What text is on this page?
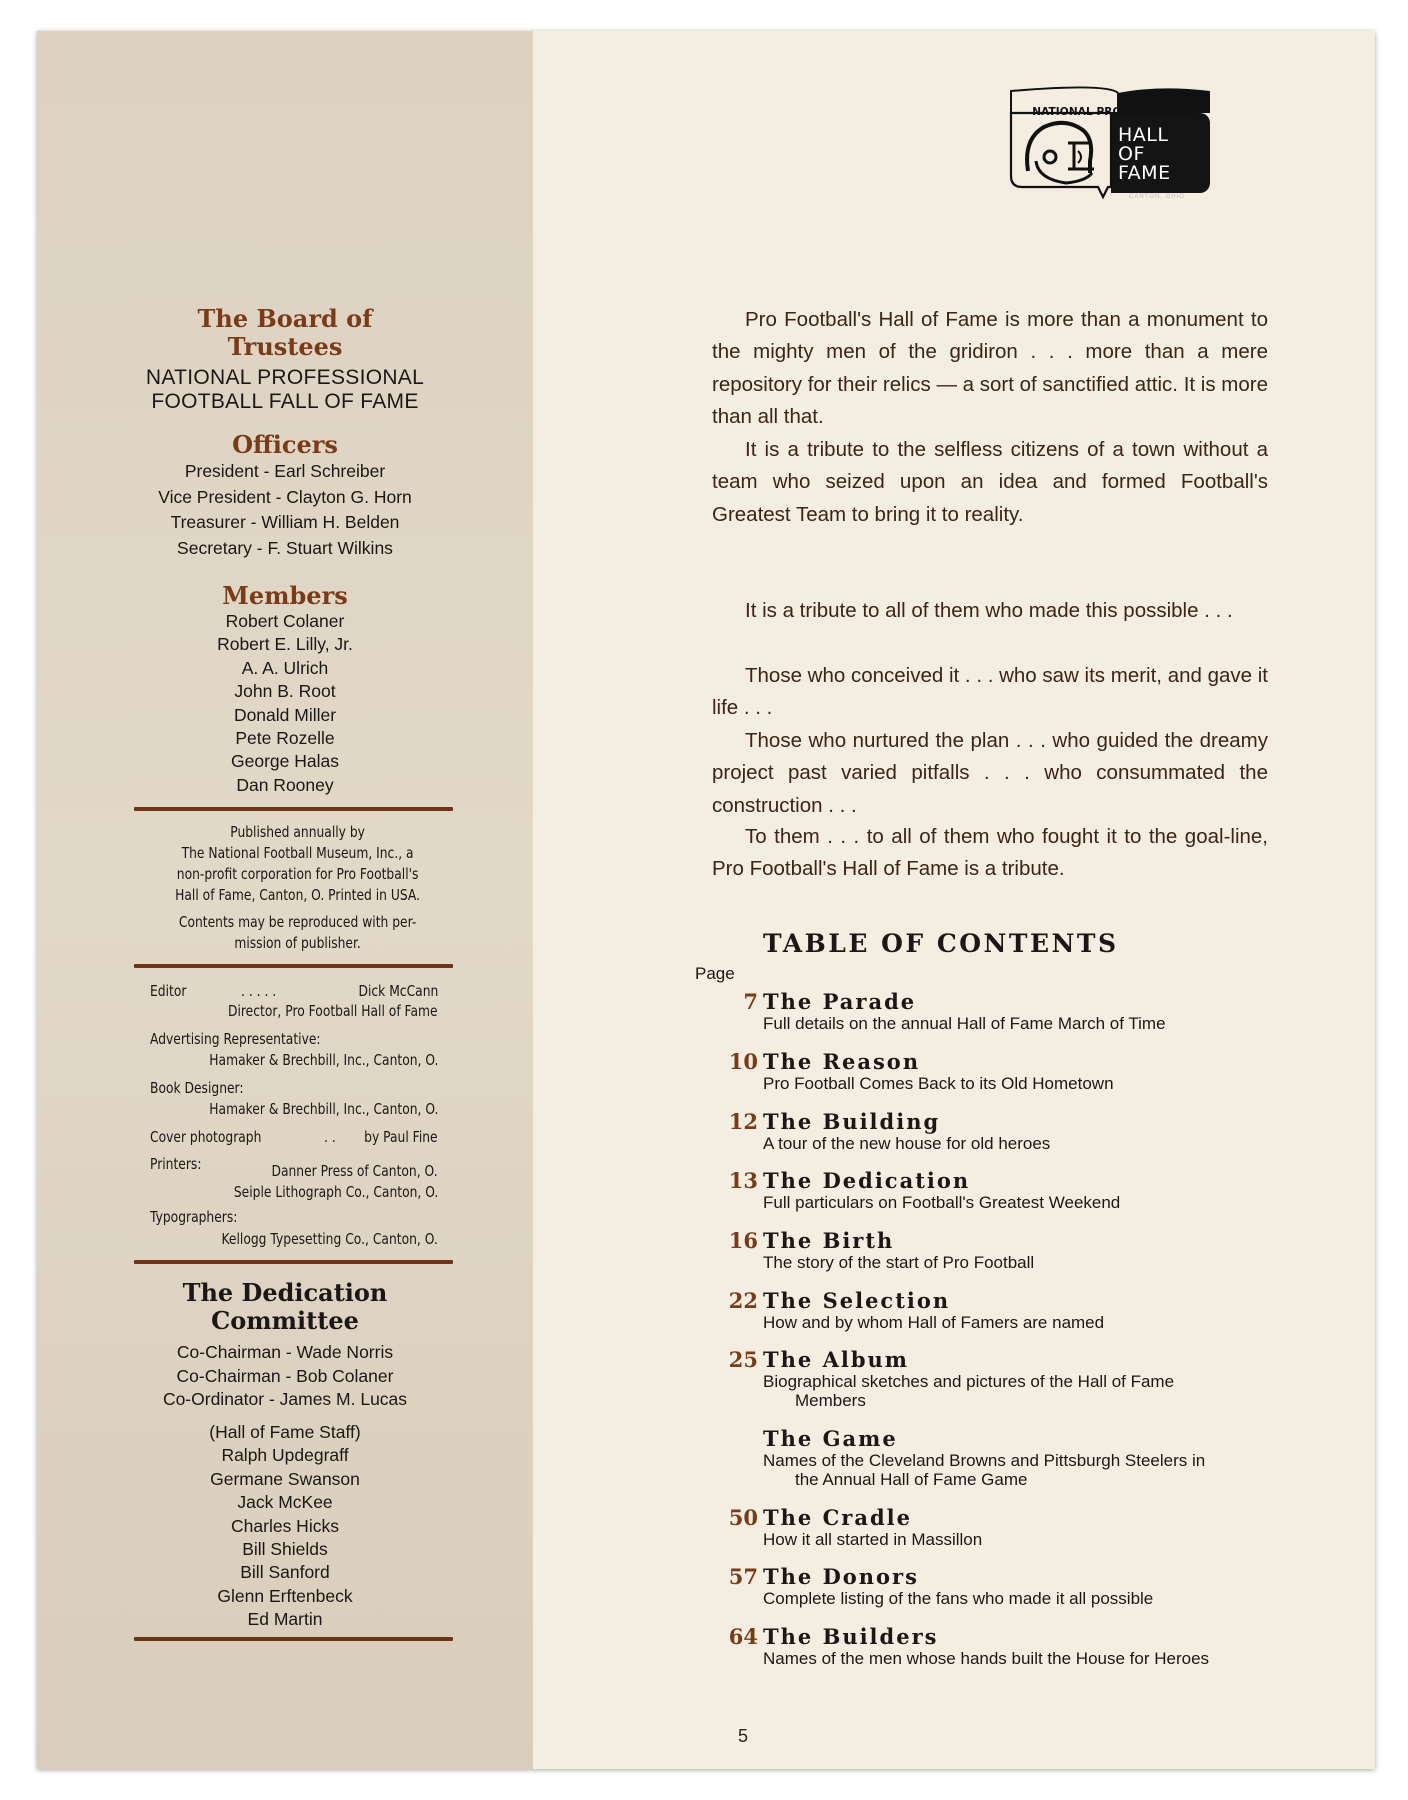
The Board of
Trustees
NATIONAL PROFESSIONAL
FOOTBALL FALL OF FAME
Officers
President - Earl Schreiber
Vice President - Clayton G. Horn
Treasurer - William H. Belden
Secretary - F. Stuart Wilkins
Members
Robert Colaner
Robert E. Lilly, Jr.
A. A. Ulrich
John B. Root
Donald Miller
Pete Rozelle
George Halas
Dan Rooney
Published annually by
The National Football Museum, Inc., a
non-profit corporation for Pro Football's
Hall of Fame, Canton, O. Printed in USA.
Contents may be reproduced with per-
mission of publisher.
Editor	. . . . .	Dick McCann
Director, Pro Football Hall of Fame
Advertising Representative:
Hamaker & Brechbill, Inc., Canton, O.
Book Designer:
Hamaker & Brechbill, Inc., Canton, O.
Cover photograph	. . by Paul Fine
Printers:	Danner Press of Canton, O.
Seiple Lithograph Co., Canton, O.
Typographers:
Kellogg Typesetting Co., Canton, O.
The Dedication
Committee
Co-Chairman - Wade Norris
Co-Chairman - Bob Colaner
Co-Ordinator - James M. Lucas
(Hall of Fame Staff)
Ralph Updegraff
Germane Swanson
Jack McKee
Charles Hicks
Bill Shields
Bill Sanford
Glenn Erftenbeck
Ed Martin
NATIONAL PRO FOOTBALL
HALL
OF
FAME
CANTON, OHIO
Pro Football's Hall of Fame is more than a monument to the mighty men of the gridiron . . . more than a mere repository for their relics — a sort of sanctified attic. It is more than all that.
It is a tribute to the selfless citizens of a town without a team who seized upon an idea and formed Football's Greatest Team to bring it to reality.
It is a tribute to all of them who made this possible . . .
Those who conceived it . . . who saw its merit, and gave it life . . .
Those who nurtured the plan . . . who guided the dreamy project past varied pitfalls . . . who consummated the construction . . .
To them . . . to all of them who fought it to the goal-line, Pro Football's Hall of Fame is a tribute.
TABLE OF CONTENTS
Page
7 The Parade
Full details on the annual Hall of Fame March of Time
10 The Reason
Pro Football Comes Back to its Old Hometown
12 The Building
A tour of the new house for old heroes
13 The Dedication
Full particulars on Football's Greatest Weekend
16 The Birth
The story of the start of Pro Football
22 The Selection
How and by whom Hall of Famers are named
25 The Album
Biographical sketches and pictures of the Hall of Fame
Members
The Game
Names of the Cleveland Browns and Pittsburgh Steelers in
the Annual Hall of Fame Game
50 The Cradle
How it all started in Massillon
57 The Donors
Complete listing of the fans who made it all possible
64 The Builders
Names of the men whose hands built the House for Heroes
5
